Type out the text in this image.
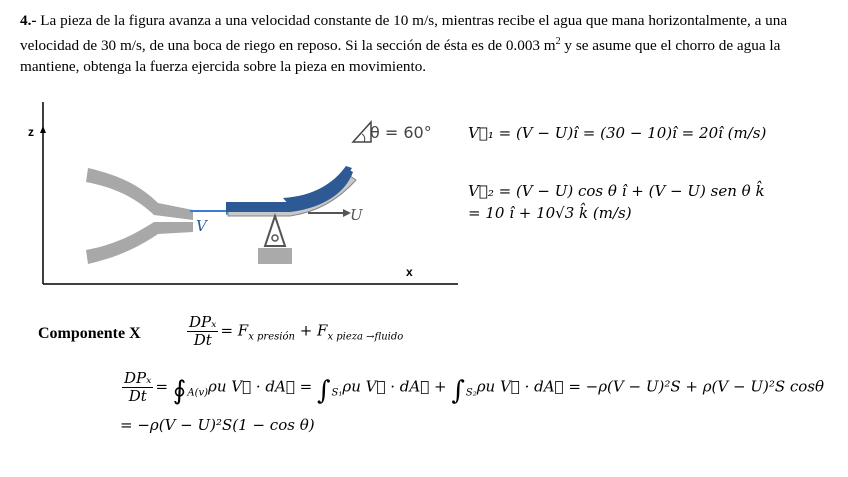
4.- La pieza de la figura avanza a una velocidad constante de 10 m/s, mientras recibe el agua que mana horizontalmente, a una velocidad de 30 m/s, de una boca de riego en reposo. Si la sección de ésta es de 0.003 $m^2$ y se asume que el chorro de agua la mantiene, obtenga la fuerza ejercida sobre la pieza en movimiento.
z
x
V
U
θ = 60° V⃗₁ = (V − U)î = (30 − 10)î = 20î (m/s)
V⃗₂ = (V − U) cos θ î + (V − U) sen θ k̂
= 10 î + 10√3 k̂ (m/s)
Componente X	$\frac{\text{DPₓ}}{Dt} = F_{x presión} + F_{x pieza \to fluido}$
$\frac{\text{DPₓ}}{Dt}$ = $∮_{A(v)}\rho u$ V⃗ · dA⃗ = $\int_{S_1}\rho u$ V⃗ · dA⃗ + $\int_{S_2}\rho u$ V⃗ · dA⃗ = −ρ(V − U)²S + ρ(V − U)²S cosθ
= −ρ(V − U)²S(1 − cos θ)
